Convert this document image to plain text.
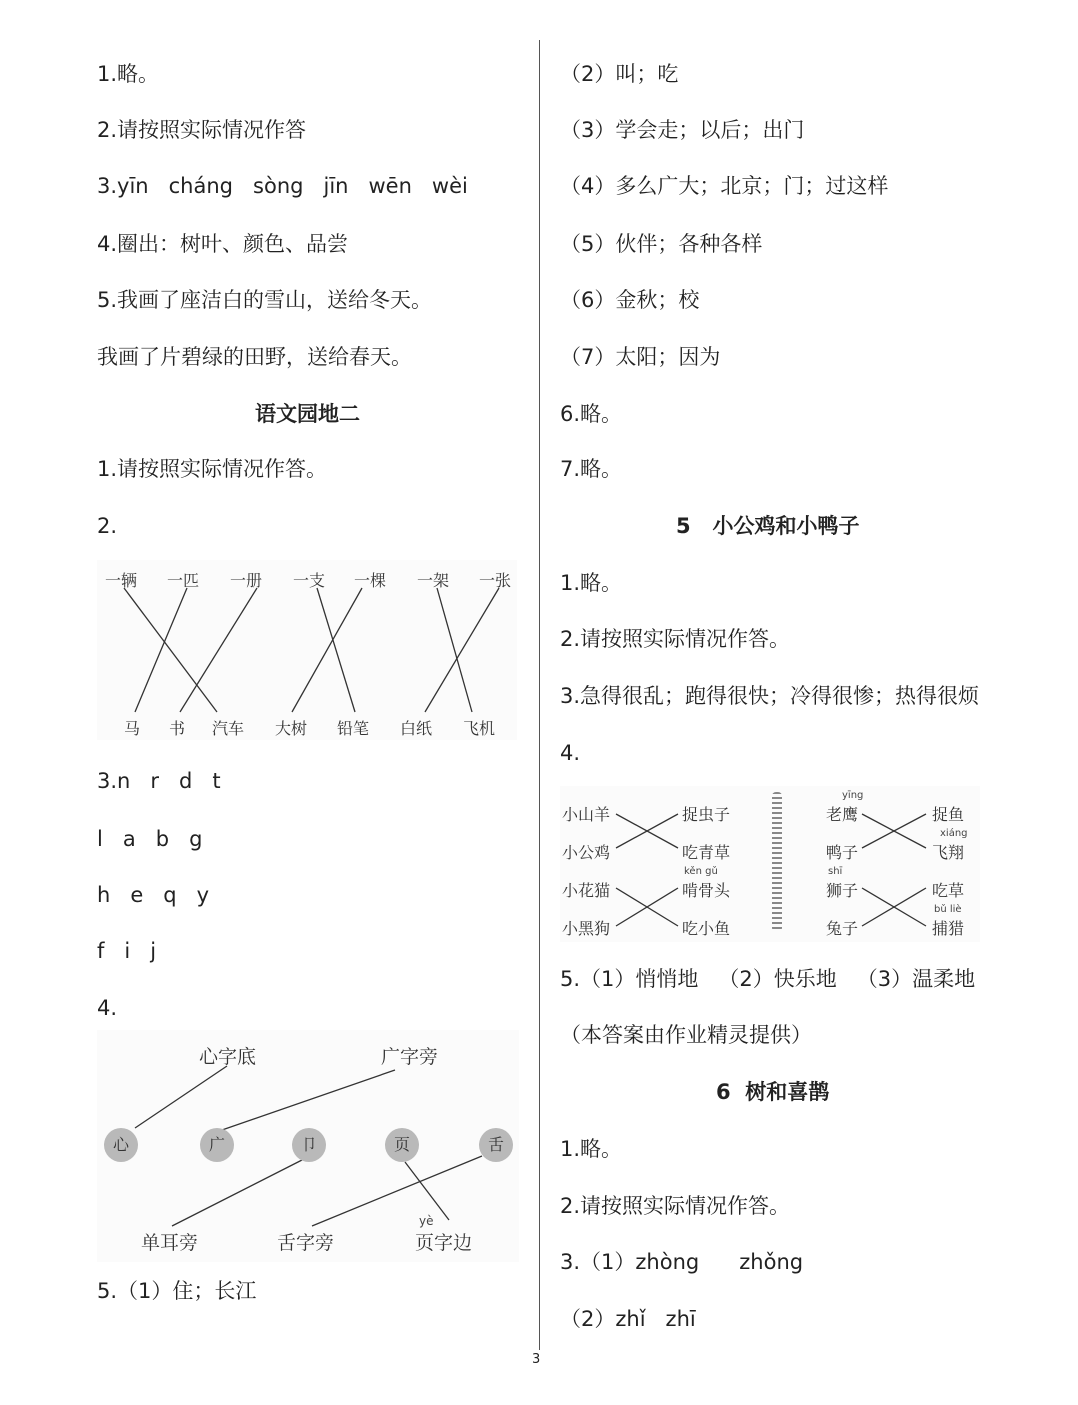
1.略。
2.请按照实际情况作答
3.yīn   cháng   sòng   jīn   wēn   wèi
4.圈出：树叶、颜色、品尝
5.我画了座洁白的雪山，送给冬天。
我画了片碧绿的田野，送给春天。
语文园地二
1.请按照实际情况作答。
2.
一辆 一匹 一册 一支 一棵 一架 一张
马 书 汽车 大树 铅笔 白纸 飞机
3.n   r   d   t
l   a   b   g
h   e   q   y
f   i   j
4.
心字底	广字旁
心	广	卩	页	舌
yè
单耳旁	舌字旁	页字边
5.（1）住；长江
（2）叫；吃
（3）学会走；以后；出门
（4）多么广大；北京；门；过这样
（5）伙伴；各种各样
（6）金秋；校
（7）太阳；因为
6.略。
7.略。
5   小公鸡和小鸭子
1.略。
2.请按照实际情况作答。
3.急得很乱；跑得很快；冷得很惨；热得很烦
4.
小山羊
小公鸡
小花猫
小黑狗
捉虫子
吃青草
kěn gǔ
啃骨头
吃小鱼
yīng
老鹰
鸭子
shī
狮子
兔子
捉鱼
xiáng
飞翔
吃草
bǔ liè
捕猎
5.（1）悄悄地   （2）快乐地   （3）温柔地
（本答案由作业精灵提供）
6  树和喜鹊
1.略。
2.请按照实际情况作答。
3.（1）zhòng      zhǒng
（2）zhǐ   zhī
3
